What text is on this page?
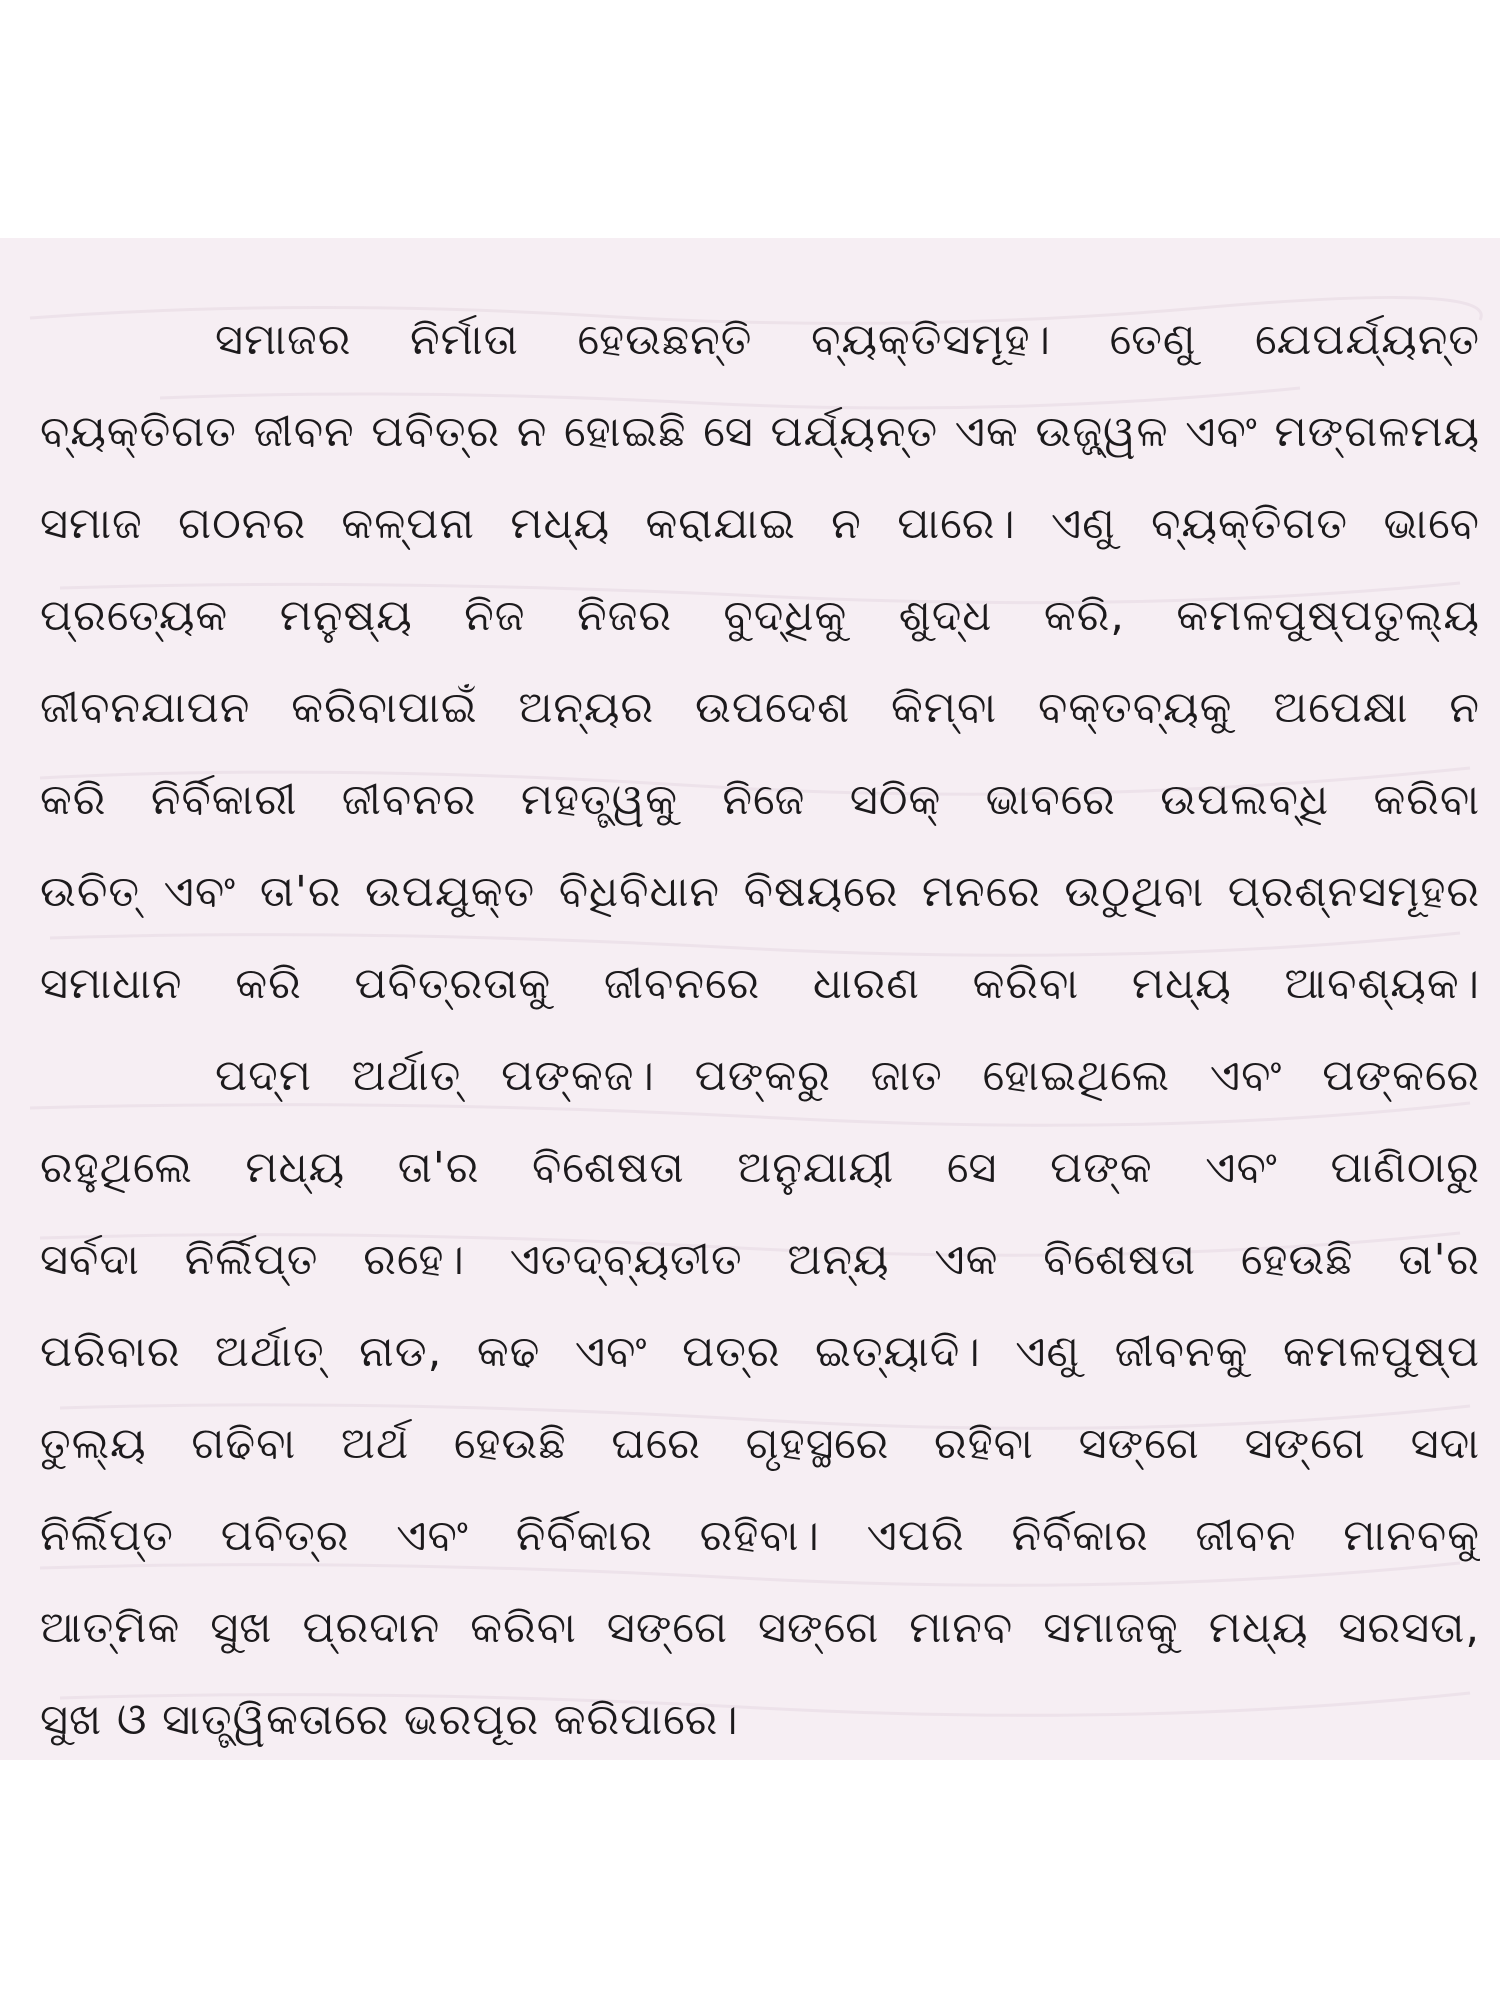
ସମାଜର ନିର୍ମାତା ହେଉଛନ୍ତି ବ୍ୟକ୍ତିସମୂହ। ତେଣୁ ଯେପର୍ଯ୍ୟନ୍ତ
ବ୍ୟକ୍ତିଗତ ଜୀବନ ପବିତ୍ର ନ ହୋଇଛି ସେ ପର୍ଯ୍ୟନ୍ତ ଏକ ଉଜ୍ଜ୍ୱଳ ଏବଂ ମଙ୍ଗଳମୟ
ସମାଜ ଗଠନର କଳ୍ପନା ମଧ୍ୟ କରାଯାଇ ନ ପାରେ। ଏଣୁ ବ୍ୟକ୍ତିଗତ ଭାବେ
ପ୍ରତ୍ୟେକ ମନୁଷ୍ୟ ନିଜ ନିଜର ବୁଦ୍ଧିକୁ ଶୁଦ୍ଧ କରି, କମଳପୁଷ୍ପତୁଲ୍ୟ
ଜୀବନଯାପନ କରିବାପାଇଁ ଅନ୍ୟର ଉପଦେଶ କିମ୍ବା ବକ୍ତବ୍ୟକୁ ଅପେକ୍ଷା ନ
କରି ନିର୍ବିକାରୀ ଜୀବନର ମହତ୍ତ୍ୱକୁ ନିଜେ ସଠିକ୍ ଭାବରେ ଉପଲବ୍ଧି କରିବା
ଉଚିତ୍ ଏବଂ ତା'ର ଉପଯୁକ୍ତ ବିଧିବିଧାନ ବିଷୟରେ ମନରେ ଉଠୁଥିବା ପ୍ରଶ୍ନସମୂହର
ସମାଧାନ କରି ପବିତ୍ରତାକୁ ଜୀବନରେ ଧାରଣ କରିବା ମଧ୍ୟ ଆବଶ୍ୟକ।
ପଦ୍ମ ଅର୍ଥାତ୍ ପଙ୍କଜ। ପଙ୍କରୁ ଜାତ ହୋଇଥିଲେ ଏବଂ ପଙ୍କରେ
ରହୁଥିଲେ ମଧ୍ୟ ତା'ର ବିଶେଷତା ଅନୁଯାୟୀ ସେ ପଙ୍କ ଏବଂ ପାଣିଠାରୁ
ସର୍ବଦା ନିର୍ଲିପ୍ତ ରହେ। ଏତଦ୍‌ବ୍ୟତୀତ ଅନ୍ୟ ଏକ ବିଶେଷତା ହେଉଛି ତା'ର
ପରିବାର ଅର୍ଥାତ୍ ନାଡ, କଢ ଏବଂ ପତ୍ର ଇତ୍ୟାଦି। ଏଣୁ ଜୀବନକୁ କମଳପୁଷ୍ପ
ତୁଲ୍ୟ ଗଢିବା ଅର୍ଥ ହେଉଛି ଘରେ ଗୃହସ୍ଥରେ ରହିବା ସଙ୍ଗେ ସଙ୍ଗେ ସଦା
ନିର୍ଲିପ୍ତ ପବିତ୍ର ଏବଂ ନିର୍ବିକାର ରହିବା। ଏପରି ନିର୍ବିକାର ଜୀବନ ମାନବକୁ
ଆତ୍ମିକ ସୁଖ ପ୍ରଦାନ କରିବା ସଙ୍ଗେ ସଙ୍ଗେ ମାନବ ସମାଜକୁ ମଧ୍ୟ ସରସତା,
ସୁଖ ଓ ସାତ୍ତ୍ୱିକତାରେ ଭରପୂର କରିପାରେ।
